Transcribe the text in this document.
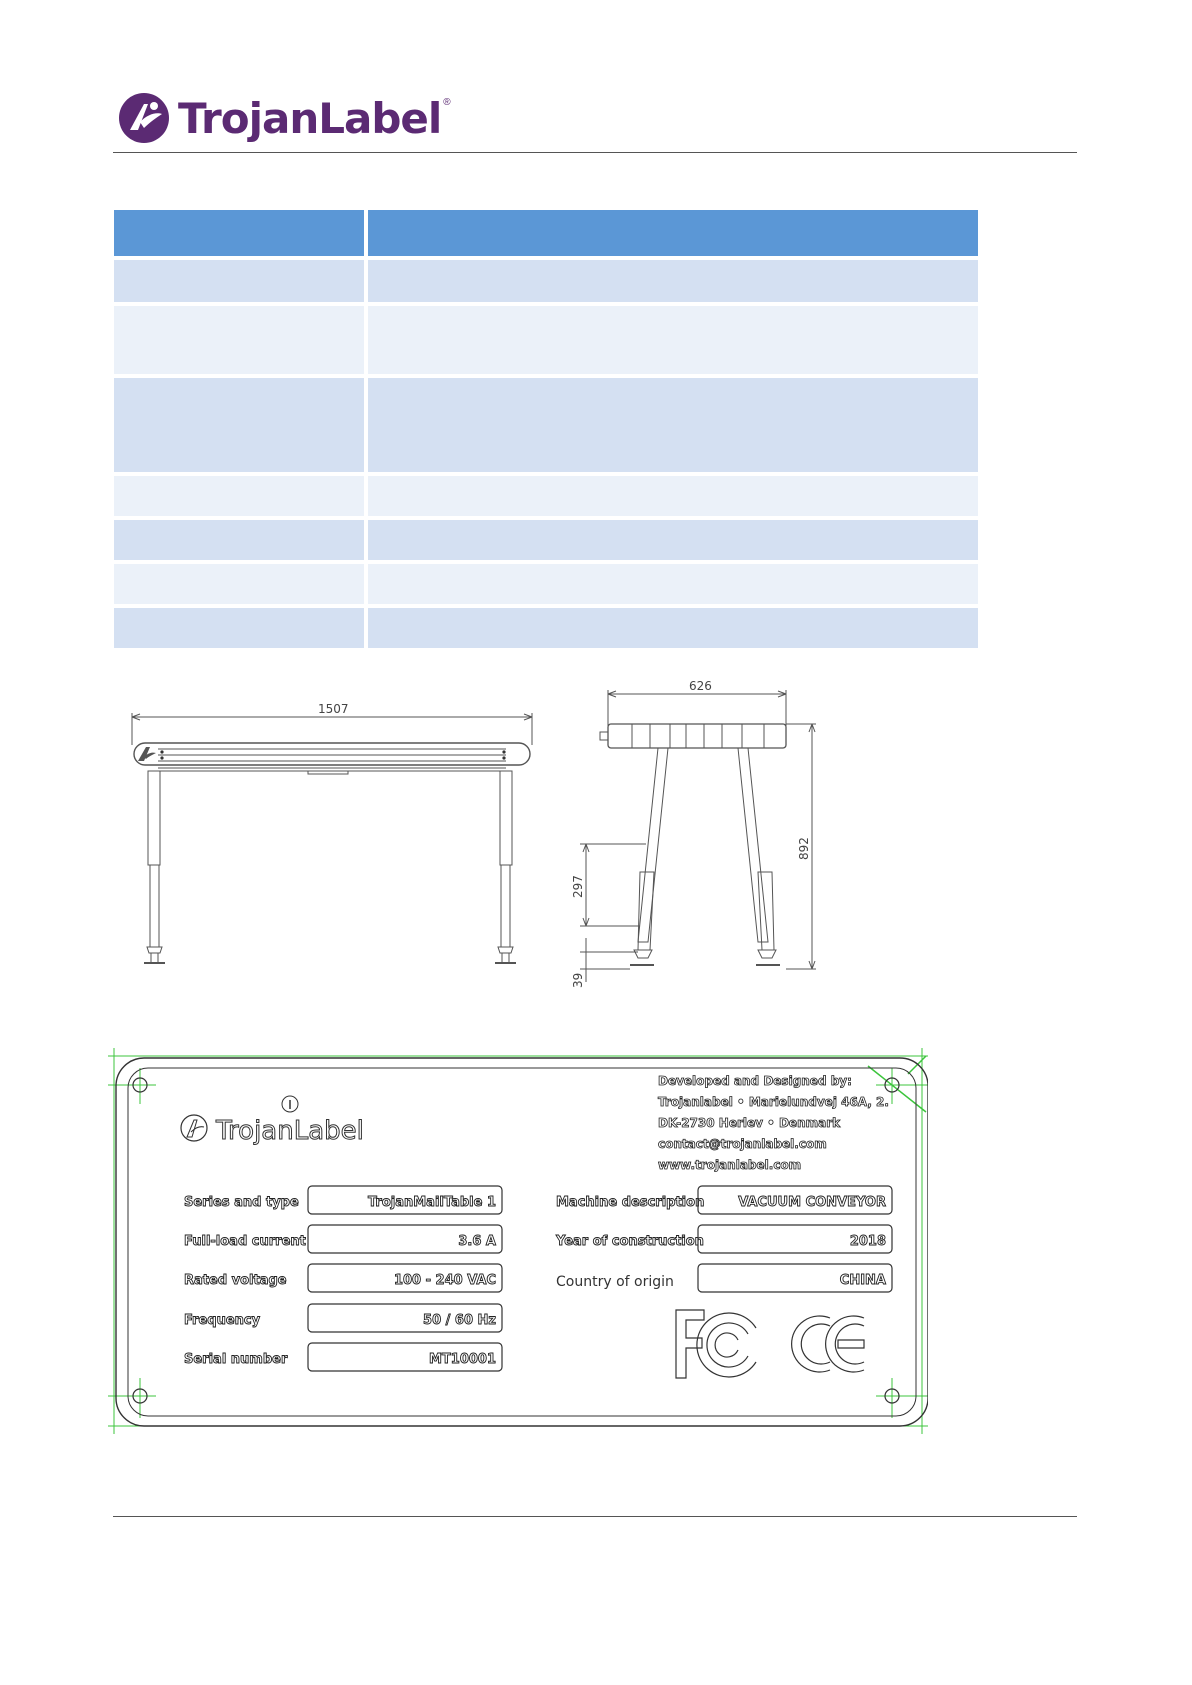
TrojanLabel ®

1507
626
892
297
39
TrojanLabel
Developed and Designed by:
Trojanlabel • Marielundvej 46A, 2.
DK-2730 Herlev • Denmark
contact@trojanlabel.com
www.trojanlabel.com
Series and type	TrojanMailTable 1
Full-load current	3.6 A
Rated voltage	100 - 240 VAC
Frequency	50 / 60 Hz
Serial number	MT10001
Machine description	VACUUM CONVEYOR
Year of construction	2018
Country of origin	CHINA
